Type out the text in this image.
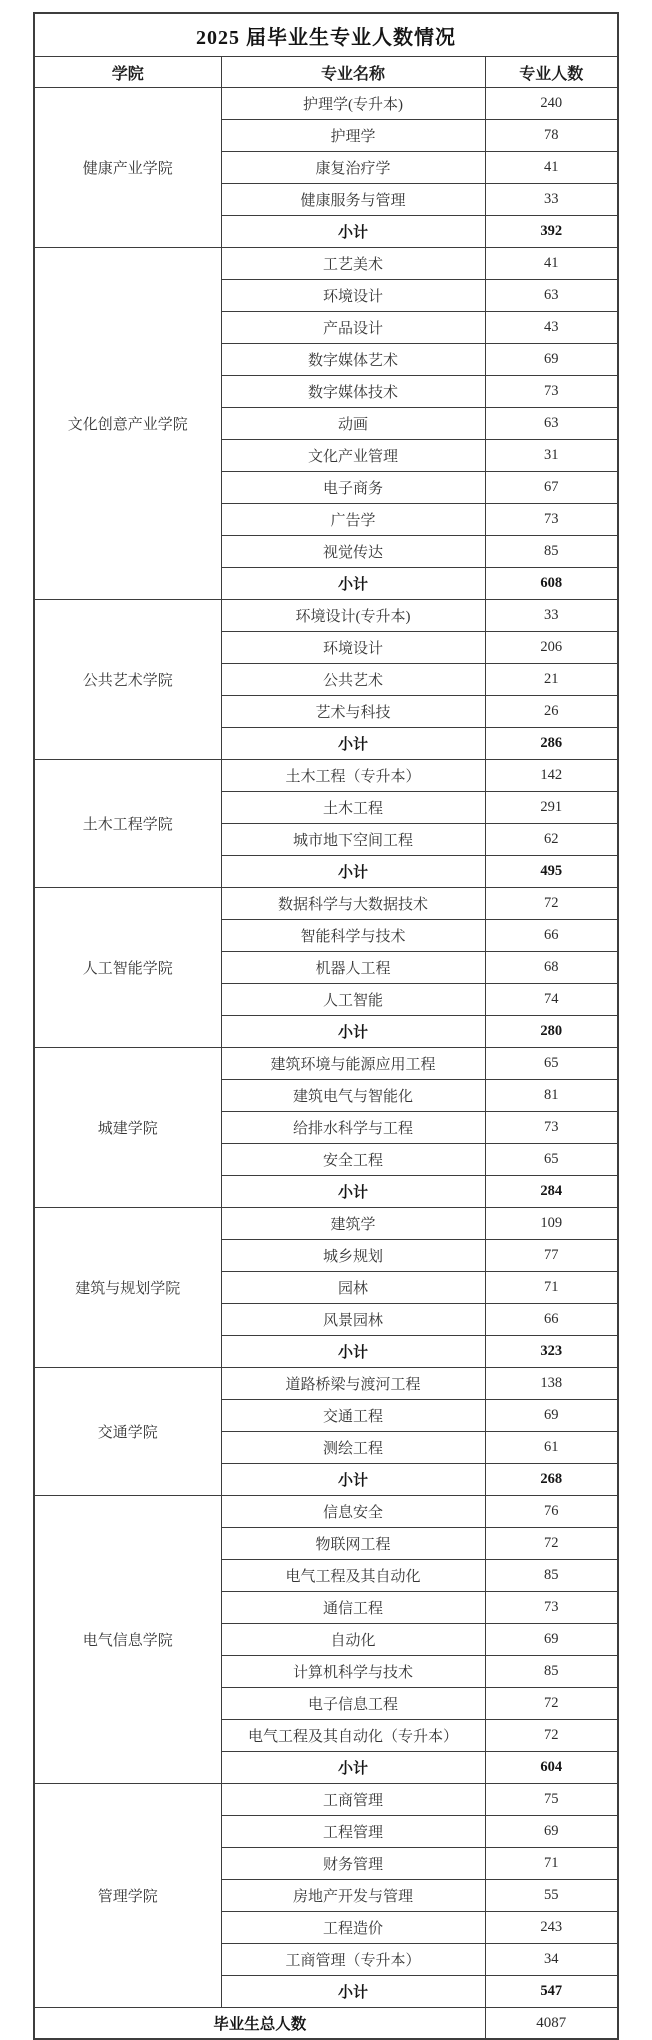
2025 届毕业生专业人数情况		
学院	专业名称	专业人数
健康产业学院	护理学(专升本)	240
	护理学	78
	康复治疗学	41
	健康服务与管理	33
	小计	392
文化创意产业学院	工艺美术	41
	环境设计	63
	产品设计	43
	数字媒体艺术	69
	数字媒体技术	73
	动画	63
	文化产业管理	31
	电子商务	67
	广告学	73
	视觉传达	85
	小计	608
公共艺术学院	环境设计(专升本)	33
	环境设计	206
	公共艺术	21
	艺术与科技	26
	小计	286
土木工程学院	土木工程（专升本）	142
	土木工程	291
	城市地下空间工程	62
	小计	495
人工智能学院	数据科学与大数据技术	72
	智能科学与技术	66
	机器人工程	68
	人工智能	74
	小计	280
城建学院	建筑环境与能源应用工程	65
	建筑电气与智能化	81
	给排水科学与工程	73
	安全工程	65
	小计	284
建筑与规划学院	建筑学	109
	城乡规划	77
	园林	71
	风景园林	66
	小计	323
交通学院	道路桥梁与渡河工程	138
	交通工程	69
	测绘工程	61
	小计	268
电气信息学院	信息安全	76
	物联网工程	72
	电气工程及其自动化	85
	通信工程	73
	自动化	69
	计算机科学与技术	85
	电子信息工程	72
	电气工程及其自动化（专升本）	72
	小计	604
管理学院	工商管理	75
	工程管理	69
	财务管理	71
	房地产开发与管理	55
	工程造价	243
	工商管理（专升本）	34
	小计	547
毕业生总人数		4087
